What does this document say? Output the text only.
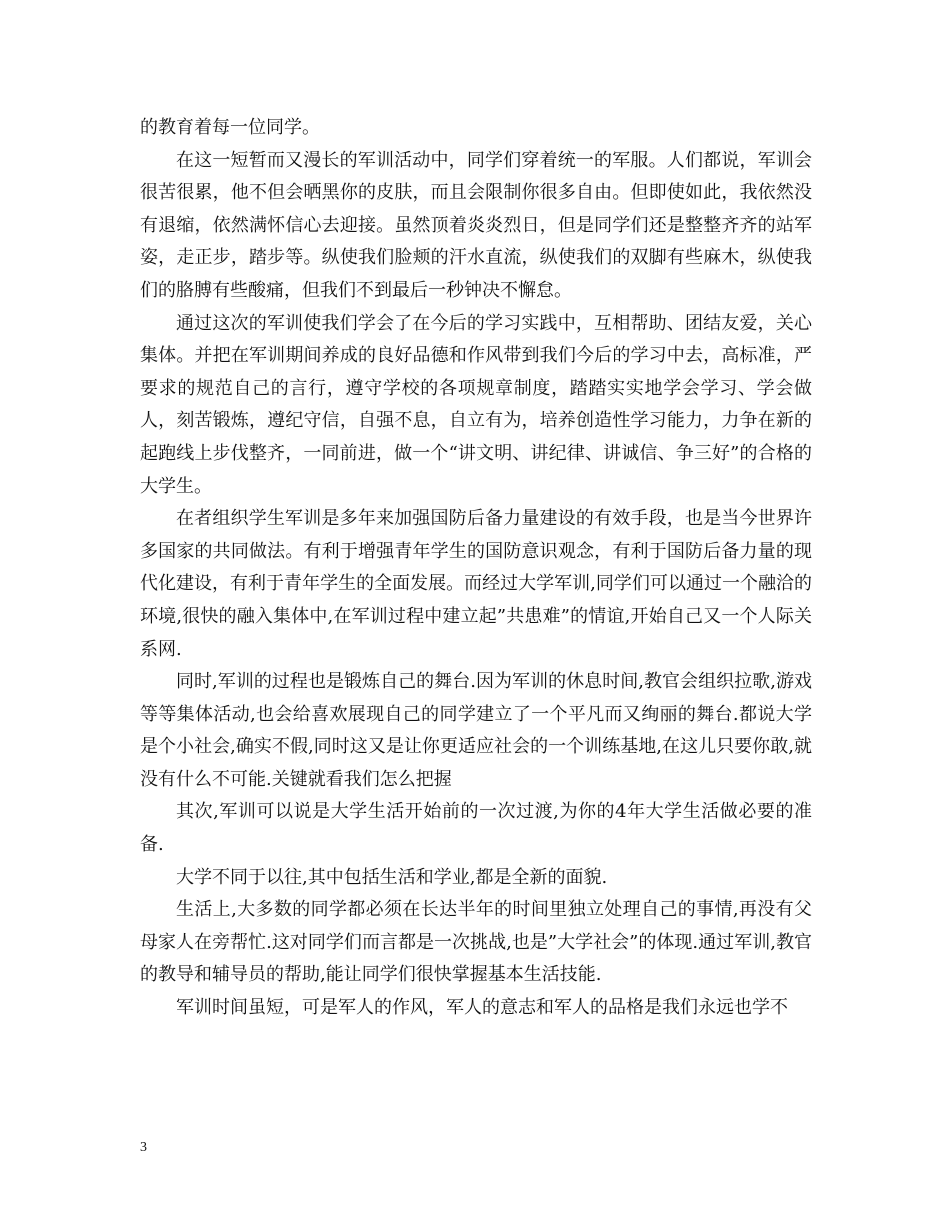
的教育着每一位同学。

在这一短暂而又漫长的军训活动中，同学们穿着统一的军服。人们都说，军训会很苦很累，他不但会晒黑你的皮肤，而且会限制你很多自由。但即使如此，我依然没有退缩，依然满怀信心去迎接。虽然顶着炎炎烈日，但是同学们还是整整齐齐的站军姿，走正步，踏步等。纵使我们脸颊的汗水直流，纵使我们的双脚有些麻木，纵使我们的胳膊有些酸痛，但我们不到最后一秒钟决不懈怠。

通过这次的军训使我们学会了在今后的学习实践中，互相帮助、团结友爱，关心集体。并把在军训期间养成的良好品德和作风带到我们今后的学习中去，高标准，严要求的规范自己的言行，遵守学校的各项规章制度，踏踏实实地学会学习、学会做人，刻苦锻炼，遵纪守信，自强不息，自立有为，培养创造性学习能力，力争在新的起跑线上步伐整齐，一同前进，做一个“讲文明、讲纪律、讲诚信、争三好”的合格的大学生。

在者组织学生军训是多年来加强国防后备力量建设的有效手段，也是当今世界许多国家的共同做法。有利于增强青年学生的国防意识观念，有利于国防后备力量的现代化建设，有利于青年学生的全面发展。而经过大学军训,同学们可以通过一个融洽的环境,很快的融入集体中,在军训过程中建立起”共患难”的情谊,开始自己又一个人际关系网.

同时,军训的过程也是锻炼自己的舞台.因为军训的休息时间,教官会组织拉歌,游戏等等集体活动,也会给喜欢展现自己的同学建立了一个平凡而又绚丽的舞台.都说大学是个小社会,确实不假,同时这又是让你更适应社会的一个训练基地,在这儿只要你敢,就没有什么不可能.关键就看我们怎么把握

其次,军训可以说是大学生活开始前的一次过渡,为你的4年大学生活做必要的准备.

大学不同于以往,其中包括生活和学业,都是全新的面貌.

生活上,大多数的同学都必须在长达半年的时间里独立处理自己的事情,再没有父母家人在旁帮忙.这对同学们而言都是一次挑战,也是”大学社会”的体现.通过军训,教官的教导和辅导员的帮助,能让同学们很快掌握基本生活技能.

军训时间虽短，可是军人的作风，军人的意志和军人的品格是我们永远也学不

3
